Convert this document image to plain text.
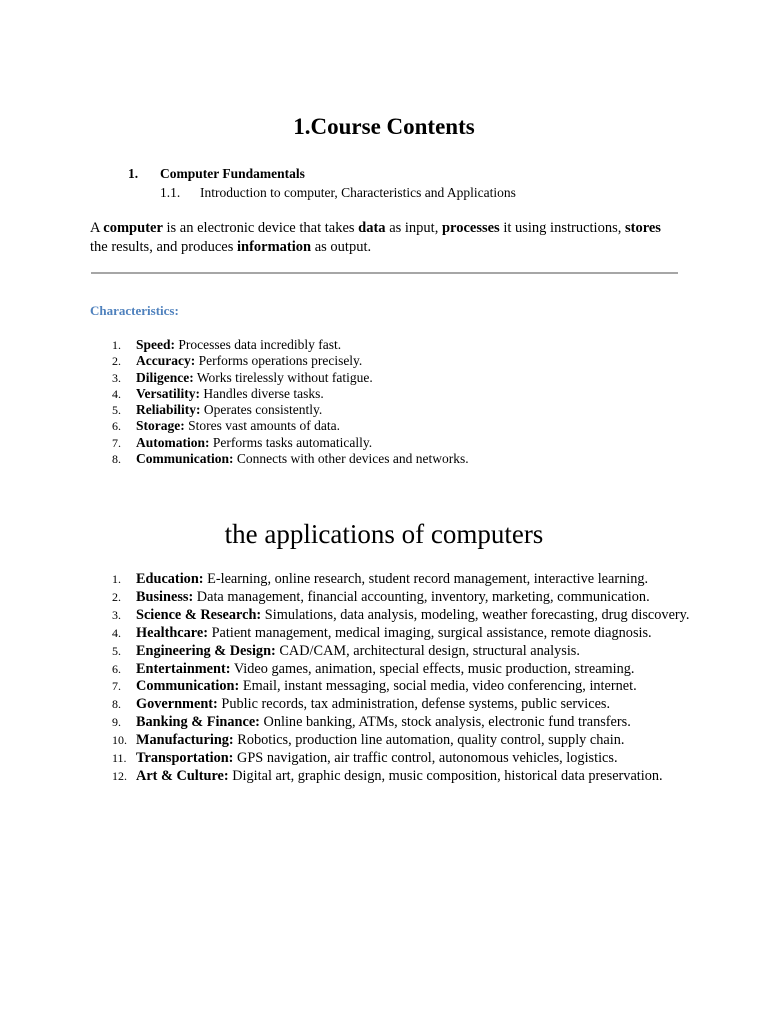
1.Course Contents
1. Computer Fundamentals
1.1. Introduction to computer, Characteristics and Applications

A computer is an electronic device that takes data as input, processes it using instructions, stores the results, and produces information as output.

Characteristics:
1. Speed: Processes data incredibly fast.
2. Accuracy: Performs operations precisely.
3. Diligence: Works tirelessly without fatigue.
4. Versatility: Handles diverse tasks.
5. Reliability: Operates consistently.
6. Storage: Stores vast amounts of data.
7. Automation: Performs tasks automatically.
8. Communication: Connects with other devices and networks.
the applications of computers
1. Education: E-learning, online research, student record management, interactive learning.
2. Business: Data management, financial accounting, inventory, marketing, communication.
3. Science & Research: Simulations, data analysis, modeling, weather forecasting, drug discovery.
4. Healthcare: Patient management, medical imaging, surgical assistance, remote diagnosis.
5. Engineering & Design: CAD/CAM, architectural design, structural analysis.
6. Entertainment: Video games, animation, special effects, music production, streaming.
7. Communication: Email, instant messaging, social media, video conferencing, internet.
8. Government: Public records, tax administration, defense systems, public services.
9. Banking & Finance: Online banking, ATMs, stock analysis, electronic fund transfers.
10. Manufacturing: Robotics, production line automation, quality control, supply chain.
11. Transportation: GPS navigation, air traffic control, autonomous vehicles, logistics.
12. Art & Culture: Digital art, graphic design, music composition, historical data preservation.
